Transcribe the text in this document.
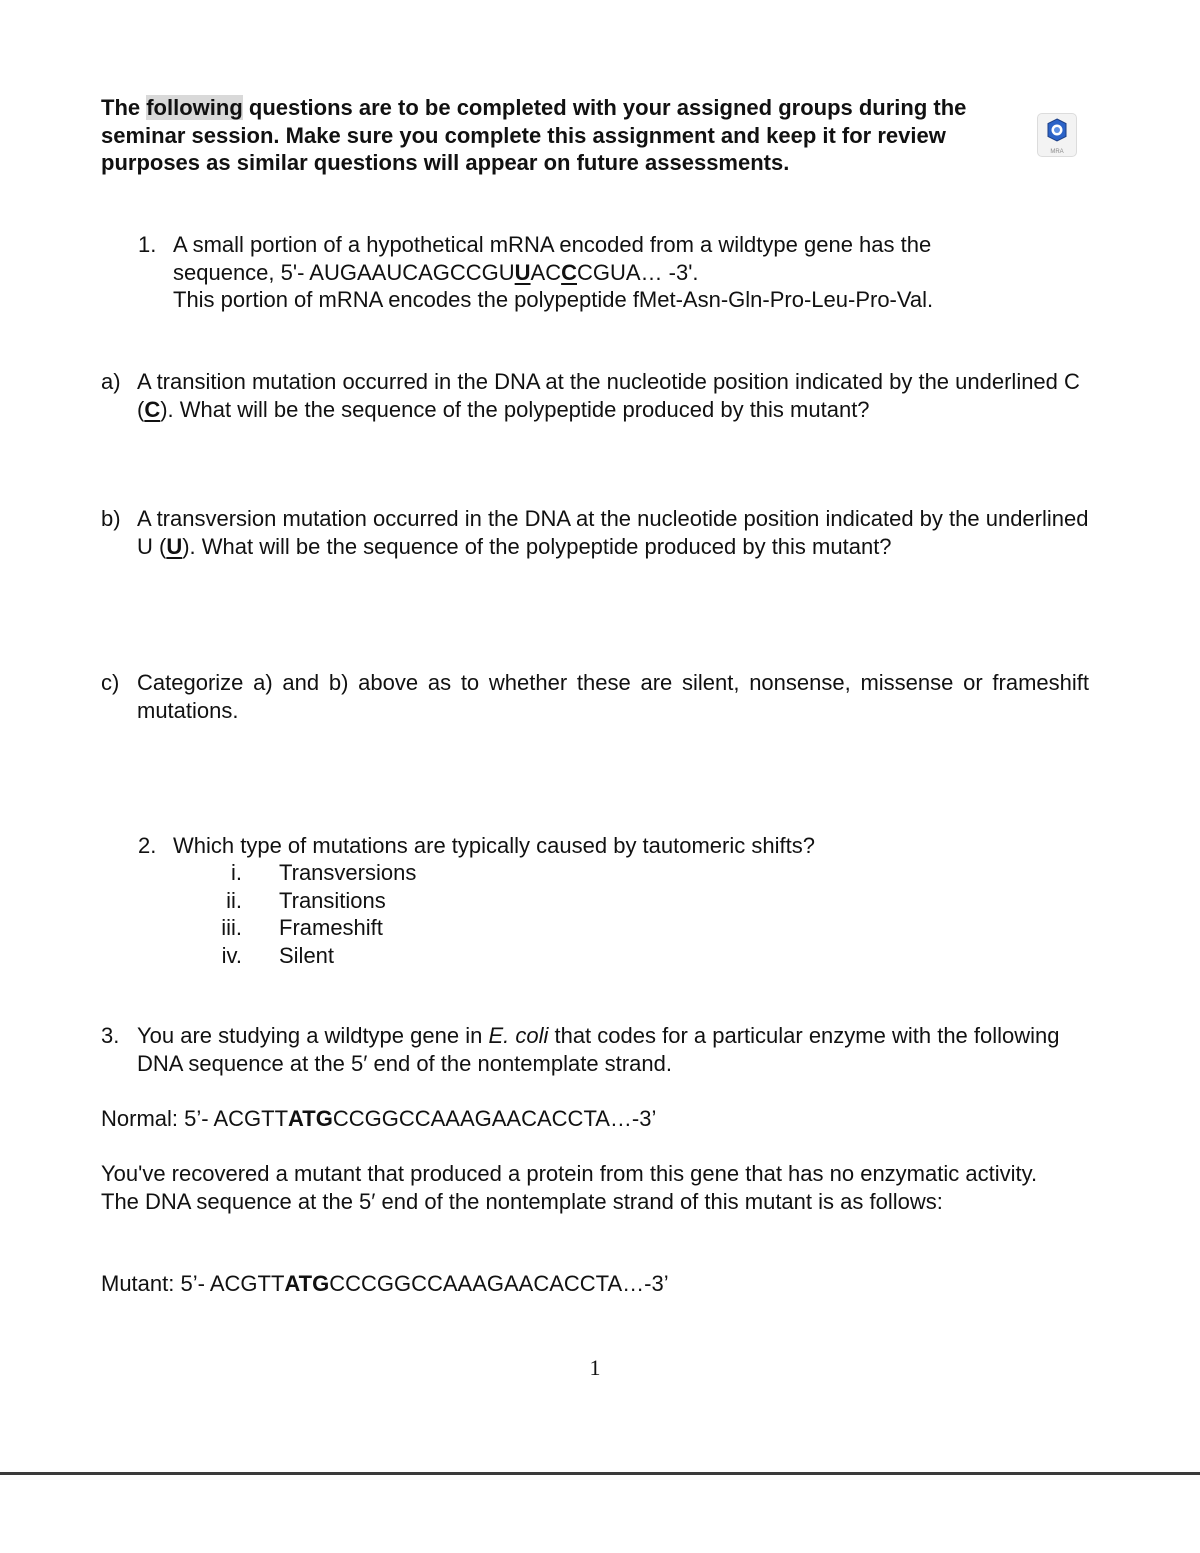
The following questions are to be completed with your assigned groups during the seminar session. Make sure you complete this assignment and keep it for review purposes as similar questions will appear on future assessments.	MRA
1. A small portion of a hypothetical mRNA encoded from a wildtype gene has the
sequence, 5'- AUGAAUCAGCCGUUACCCGUA… -3'.
This portion of mRNA encodes the polypeptide fMet-Asn-Gln-Pro-Leu-Pro-Val.
a) A transition mutation occurred in the DNA at the nucleotide position indicated by the underlined C (C). What will be the sequence of the polypeptide produced by this mutant?
b) A transversion mutation occurred in the DNA at the nucleotide position indicated by the underlined U (U). What will be the sequence of the polypeptide produced by this mutant?
c) Categorize a) and b) above as to whether these are silent, nonsense, missense or frameshift mutations.
2. Which type of mutations are typically caused by tautomeric shifts?
i. Transversions
ii. Transitions
iii. Frameshift
iv. Silent
3. You are studying a wildtype gene in E. coli that codes for a particular enzyme with the following DNA sequence at the 5′ end of the nontemplate strand.
Normal: 5’- ACGTTATGCCGGCCAAAGAACACCTA…-3’
You've recovered a mutant that produced a protein from this gene that has no enzymatic activity. The DNA sequence at the 5′ end of the nontemplate strand of this mutant is as follows:
Mutant: 5’- ACGTTATGCCCGGCCAAAGAACACCTA…-3’
1
